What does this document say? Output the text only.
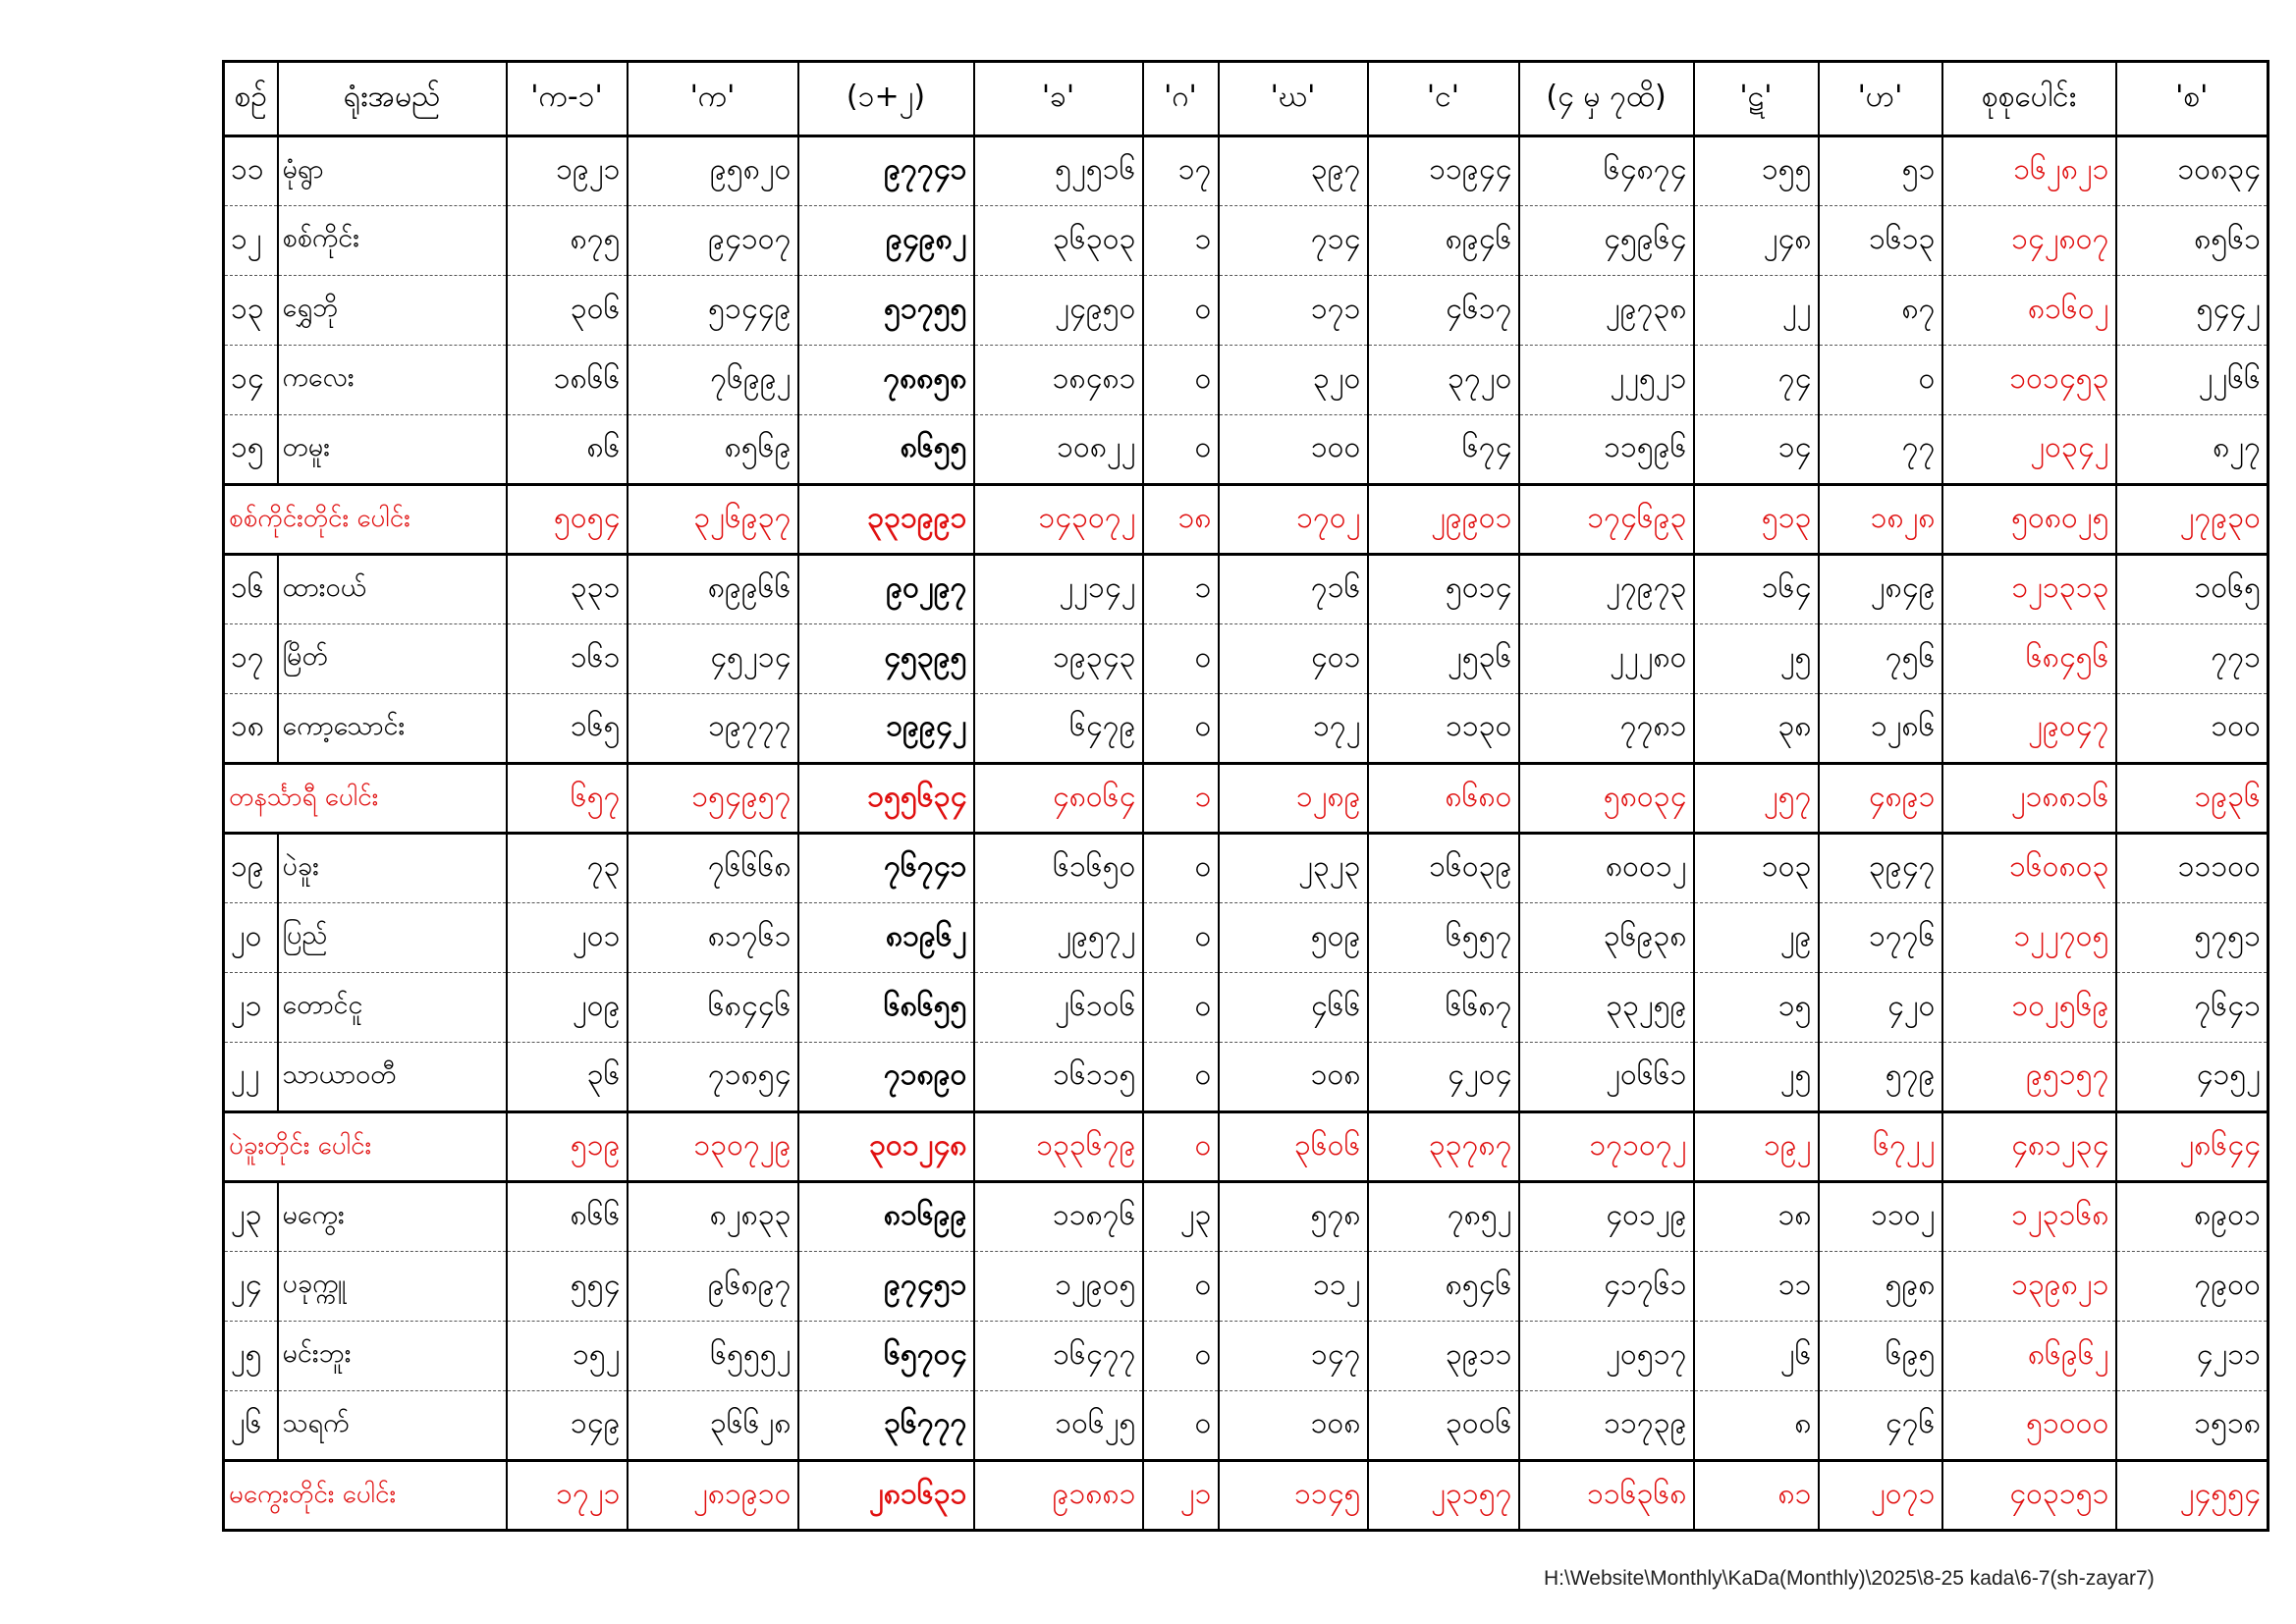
စဉ်	ရုံးအမည်	'က-၁'	'က'	(၁+၂)	'ခ'	'ဂ'	'ဃ'	'င'	(၄ မှ ၇ထိ)	'ဋ'	'ဟ'	စုစုပေါင်း	'စ'
၁၁	မုံရွာ	၁၉၂၁	၉၅၈၂၀	၉၇၇၄၁	၅၂၅၁၆	၁၇	၃၉၇	၁၁၉၄၄	၆၄၈၇၄	၁၅၅	၅၁	၁၆၂၈၂၁	၁၀၈၃၄
၁၂	စစ်ကိုင်း	၈၇၅	၉၄၁၀၇	၉၄၉၈၂	၃၆၃၀၃	၁	၇၁၄	၈၉၄၆	၄၅၉၆၄	၂၄၈	၁၆၁၃	၁၄၂၈၀၇	၈၅၆၁
၁၃	ရွှေဘို	၃၀၆	၅၁၄၄၉	၅၁၇၅၅	၂၄၉၅၀	၀	၁၇၁	၄၆၁၇	၂၉၇၃၈	၂၂	၈၇	၈၁၆၀၂	၅၄၄၂
၁၄	ကလေး	၁၈၆၆	၇၆၉၉၂	၇၈၈၅၈	၁၈၄၈၁	၀	၃၂၀	၃၇၂၀	၂၂၅၂၁	၇၄	၀	၁၀၁၄၅၃	၂၂၆၆
၁၅	တမူး	၈၆	၈၅၆၉	၈၆၅၅	၁၀၈၂၂	၀	၁၀၀	၆၇၄	၁၁၅၉၆	၁၄	၇၇	၂၀၃၄၂	၈၂၇
စစ်ကိုင်းတိုင်း ပေါင်း		၅၀၅၄	၃၂၆၉၃၇	၃၃၁၉၉၁	၁၄၃၀၇၂	၁၈	၁၇၀၂	၂၉၉၀၁	၁၇၄၆၉၃	၅၁၃	၁၈၂၈	၅၀၈၀၂၅	၂၇၉၃၀
၁၆	ထားဝယ်	၃၃၁	၈၉၉၆၆	၉၀၂၉၇	၂၂၁၄၂	၁	၇၁၆	၅၀၁၄	၂၇၉၇၃	၁၆၄	၂၈၄၉	၁၂၁၃၁၃	၁၀၆၅
၁၇	မြိတ်	၁၆၁	၄၅၂၁၄	၄၅၃၉၅	၁၉၃၄၃	၀	၄၀၁	၂၅၃၆	၂၂၂၈၀	၂၅	၇၅၆	၆၈၄၅၆	၇၇၁
၁၈	ကော့သောင်း	၁၆၅	၁၉၇၇၇	၁၉၉၄၂	၆၄၇၉	၀	၁၇၂	၁၁၃၀	၇၇၈၁	၃၈	၁၂၈၆	၂၉၀၄၇	၁၀၀
တနင်္သာရီ ပေါင်း		၆၅၇	၁၅၄၉၅၇	၁၅၅၆၃၄	၄၈၀၆၄	၁	၁၂၈၉	၈၆၈၀	၅၈၀၃၄	၂၅၇	၄၈၉၁	၂၁၈၈၁၆	၁၉၃၆
၁၉	ပဲခူး	၇၃	၇၆၆၆၈	၇၆၇၄၁	၆၁၆၅၀	၀	၂၃၂၃	၁၆၀၃၉	၈၀၀၁၂	၁၀၃	၃၉၄၇	၁၆၀၈၀၃	၁၁၁၀၀
၂၀	ပြည်	၂၀၁	၈၁၇၆၁	၈၁၉၆၂	၂၉၅၇၂	၀	၅၀၉	၆၅၅၇	၃၆၉၃၈	၂၉	၁၇၇၆	၁၂၂၇၀၅	၅၇၅၁
၂၁	တောင်ငူ	၂၀၉	၆၈၄၄၆	၆၈၆၅၅	၂၆၁၀၆	၀	၄၆၆	၆၆၈၇	၃၃၂၅၉	၁၅	၄၂၀	၁၀၂၅၆၉	၇၆၄၁
၂၂	သာယာဝတီ	၃၆	၇၁၈၅၄	၇၁၈၉၀	၁၆၁၁၅	၀	၁၀၈	၄၂၀၄	၂၀၆၆၁	၂၅	၅၇၉	၉၅၁၅၇	၄၁၅၂
ပဲခူးတိုင်း ပေါင်း		၅၁၉	၁၃၀၇၂၉	၃၀၁၂၄၈	၁၃၃၆၇၉	၀	၃၆၀၆	၃၃၇၈၇	၁၇၁၀၇၂	၁၉၂	၆၇၂၂	၄၈၁၂၃၄	၂၈၆၄၄
၂၃	မကွေး	၈၆၆	၈၂၈၃၃	၈၁၆၉၉	၁၁၈၇၆	၂၃	၅၇၈	၇၈၅၂	၄၀၁၂၉	၁၈	၁၁၀၂	၁၂၃၁၆၈	၈၉၀၁
၂၄	ပခုက္ကူ	၅၅၄	၉၆၈၉၇	၉၇၄၅၁	၁၂၉၀၅	၀	၁၁၂	၈၅၄၆	၄၁၇၆၁	၁၁	၅၉၈	၁၃၉၈၂၁	၇၉၀၀
၂၅	မင်းဘူး	၁၅၂	၆၅၅၅၂	၆၅၇၀၄	၁၆၄၇၇	၀	၁၄၇	၃၉၁၁	၂၀၅၁၇	၂၆	၆၉၅	၈၆၉၆၂	၄၂၁၁
၂၆	သရက်	၁၄၉	၃၆၆၂၈	၃၆၇၇၇	၁၀၆၂၅	၀	၁၀၈	၃၀၀၆	၁၁၇၃၉	၈	၄၇၆	၅၁၀၀၀	၁၅၁၈
မကွေးတိုင်း ပေါင်း		၁၇၂၁	၂၈၁၉၁၀	၂၈၁၆၃၁	၉၁၈၈၁	၂၁	၁၁၄၅	၂၃၁၅၇	၁၁၆၃၆၈	၈၁	၂၀၇၁	၄၀၃၁၅၁	၂၄၅၅၄
H:\Website\Monthly\KaDa(Monthly)\2025\8-25 kada\6-7(sh-zayar7)
